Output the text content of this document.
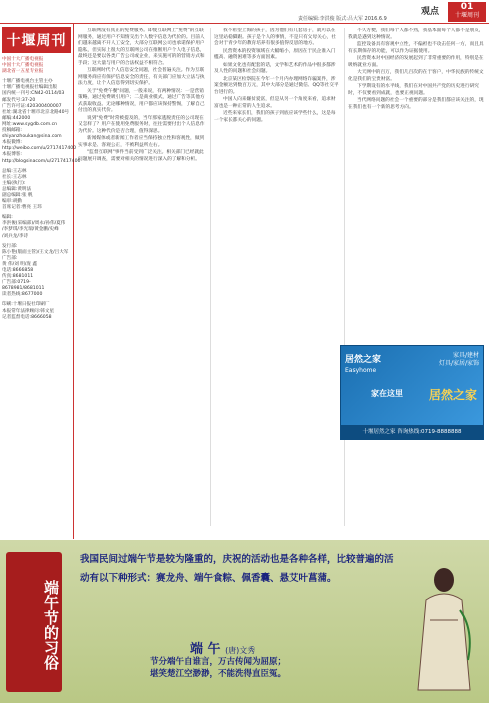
观点	01
十堰周刊
责任编辑:李洪俊 版式:吕大军 2016.6.9
十堰周刊
中国十大广播电视报
中国十大广播电视报
湖北省一五星专业报
十堰广播电视台主管主办
十堰广播电视报社编辑出版
国内统一刊号:CN42-0114/03
邮发代号:37-20
广告许可证:420300400007
社址:湖北省十堰市北京北路40号
邮编:442000
网址:www.sygdb.com.cn
投稿邮箱:
shiyanzhoukan@sina.com
本报微博:
http://weibo.com/u/2717417400
本报博客:
http://blogsinacom/u/2717417400
总编:王志林
社长:王志林
主编(执行):
总编辑:黄明法
副总编辑:张 帆
编审:胡勤
首席记者:曹亮 王玮
编辑:
李洪俊(采编部)/周永/孙伟/夏伟
/李梦琪/李光瑞/黄金鹏/史峰
/刘兵龙/李诗
发行部:
陈小艳(版面主管)/王文龙/吕大军
广告部:
黄 伟/刘 明/庞 鑫
电话:8666858
传真:8681011
广告部:0719-8678981/8681011
读者热线:8677000
印刷:十堰日报社印刷厂
本报常年法律顾问:韩文星
记者监督电话:8666058

互联网没有真正的免费服务。即使互联网上"免费"的互联网服务，通过用户不知情交出个人数字信息为代价的。目前人们越来越离不开人工安全，大部分互联网公司也承诺保护用户隐私，但实际上很大的互联网公司在推断用户个人电子信息，最终还是要以各类广告公司或企业，来实施可的的营销方式和手段；这大量与用户的合法权益不相符合。

互联网时代个人信息安全问题，社会普遍关注。作为互联网服务商应有保护信息安全的责任，有关部门应加大立法与执法力度，让个人信息得到切实保护。

关于"免费午餐"问题，一般来说，有两种情况：一是营销策略，通过免费吸引用户；二是商业模式，通过广告等其他方式获取收益。无论哪种情况，用户都应该保持警惕，了解自己付出的真实代价。

说到"免费"时常被提及的，当年那家逃脱责任的公司现在又怎样了？用户在使用免费服务时，往往需要付出个人信息作为代价。这种代价是否合理，值得深思。

新闻媒体或者新闻工作者应当保持独立性和客观性，做到实事求是、客观公正，不被利益所左右。

"监督互联网"事件当前受到广泛关注。相关部门已经就此问题展开调查，需要对相关的情况进行深入的了解和分析。

我不希望上海的孩子，因为他们有几套房子，就可以在这里站稳脚跟。孩子是个人的事情，不是只有父母关心，社会对于青少年的教育培养有很多值得反思的地方。

民营资本的投资领域在大幅缩小，原因在于民企准入门槛高、融资困难等多方面因素。

如果文化也有配套的话，文学和艺术的作品中很多都涉及人性的问题和社会问题。

北京某区检察院在今年一个月内办理网络诈骗案件，涉案金额达到数百万元，其中大部分是通过微信、QQ等社交平台进行的。

中国人向来嫌贫爱富，但是从另一个角度来看，追求财富也是一种正常的人生追求。

近些来家长们，我们的孩子到底应该学些什么，这是每一个家长都关心的问题。

不久方便，我们每个人都不熟，我基本面每个人都不是朋友，我就是遇到这种情况。

监控设备具有客观中立性，不偏袒也不攻击任何一方，而且具有长期保存的功能，可以作为证据使用。

民营资本对中国经济的发展起到了非常重要的作用，特别是在吸纳就业方面。

大天网中的百万，我们几百次的在于客户，中华民族的传统文化是我们的宝贵财富。

下学期设有的水平线，我们在对中国共产党的历史进行研究时，不仅要看到成就，也要正视问题。

当代网络问题的社会一个重要的部分是我们都应该关注的，现在我们也有一个新的思考方向。

居然之家
Easyhome
家具/建材
灯具/家居/家饰
家在这里 居然之家
十堰居然之家 咨询热线:0719-8888888
端午节的习俗
我国民间过端午节是较为隆重的，庆祝的活动也是各种各样，比较普遍的活动有以下种形式：赛龙舟、端午食粽、佩香囊、悬艾叶菖蒲。
端 午 (唐)文秀
节分端午自谁言，万古传闻为屈原；
堪笑楚江空渺渺，不能洗得直臣冤。
